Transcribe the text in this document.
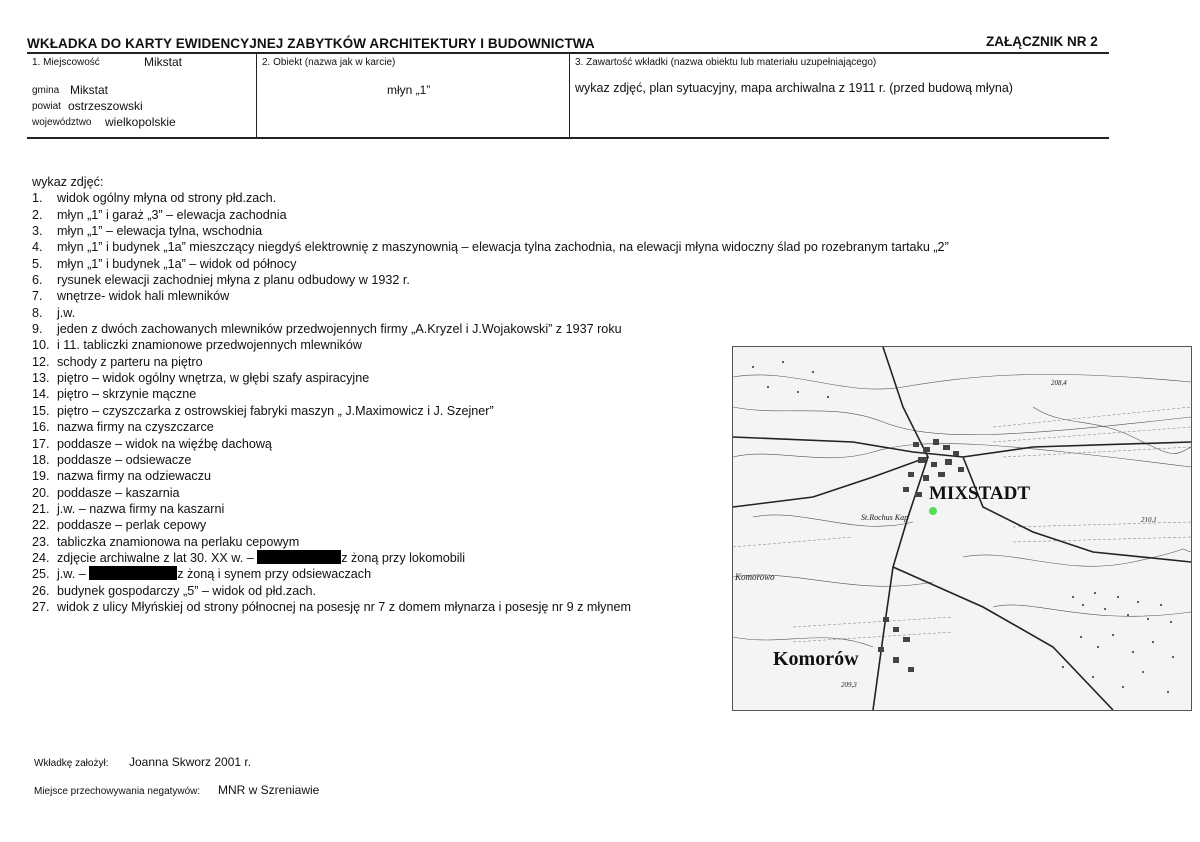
WKŁADKA DO KARTY EWIDENCYJNEJ ZABYTKÓW ARCHITEKTURY I BUDOWNICTWA	ZAŁĄCZNIK NR 2
1. Miejscowość	Mikstat
gmina Mikstat
powiat ostrzeszowski
województwo wielkopolskie
2. Obiekt (nazwa jak w karcie)
młyn „1”
3. Zawartość wkładki (nazwa obiektu lub materiału uzupełniającego)
wykaz zdjęć, plan sytuacyjny, mapa archiwalna z 1911 r. (przed budową młyna)
wykaz zdjęć:
1. widok ogólny młyna od strony płd.zach.
2. młyn „1” i garaż „3” – elewacja zachodnia
3. młyn „1” – elewacja tylna, wschodnia
4. młyn „1” i budynek „1a” mieszczący niegdyś elektrownię z maszynownią – elewacja tylna zachodnia, na elewacji młyna widoczny ślad po rozebranym tartaku „2”
5. młyn „1” i budynek „1a” – widok od północy
6. rysunek elewacji zachodniej młyna z planu odbudowy w 1932 r.
7. wnętrze- widok hali mlewników
8. j.w.
9. jeden z dwóch zachowanych mlewników przedwojennych firmy „A.Kryzel i J.Wojakowski” z 1937 roku
10. i 11. tabliczki znamionowe przedwojennych mlewników
12. schody z parteru na piętro
13. piętro – widok ogólny wnętrza, w głębi szafy aspiracyjne
14. piętro – skrzynie mączne
15. piętro – czyszczarka z ostrowskiej fabryki maszyn „ J.Maximowicz i J. Szejner”
16. nazwa firmy na czyszczarce
17. poddasze – widok na więźbę dachową
18. poddasze – odsiewacze
19. nazwa firmy na odziewaczu
20. poddasze – kaszarnia
21. j.w. – nazwa firmy na kaszarni
22. poddasze – perlak cepowy
23. tabliczka znamionowa na perlaku cepowym
24. zdjęcie archiwalne z lat 30. XX w. –	z żoną przy lokomobili
25. j.w. –	z żoną i synem przy odsiewaczach
26. budynek gospodarczy „5” – widok od płd.zach.
27. widok z ulicy Młyńskiej od strony północnej na posesję nr 7 z domem młynarza i posesję nr 9 z młynem
MIXSTADT
Komorów
St.Rochus Kap
Komorowo
208,4
210,1
209,3
Wkładkę założył: Joanna Skworz 2001 r.
Miejsce przechowywania negatywów: MNR w Szreniawie
